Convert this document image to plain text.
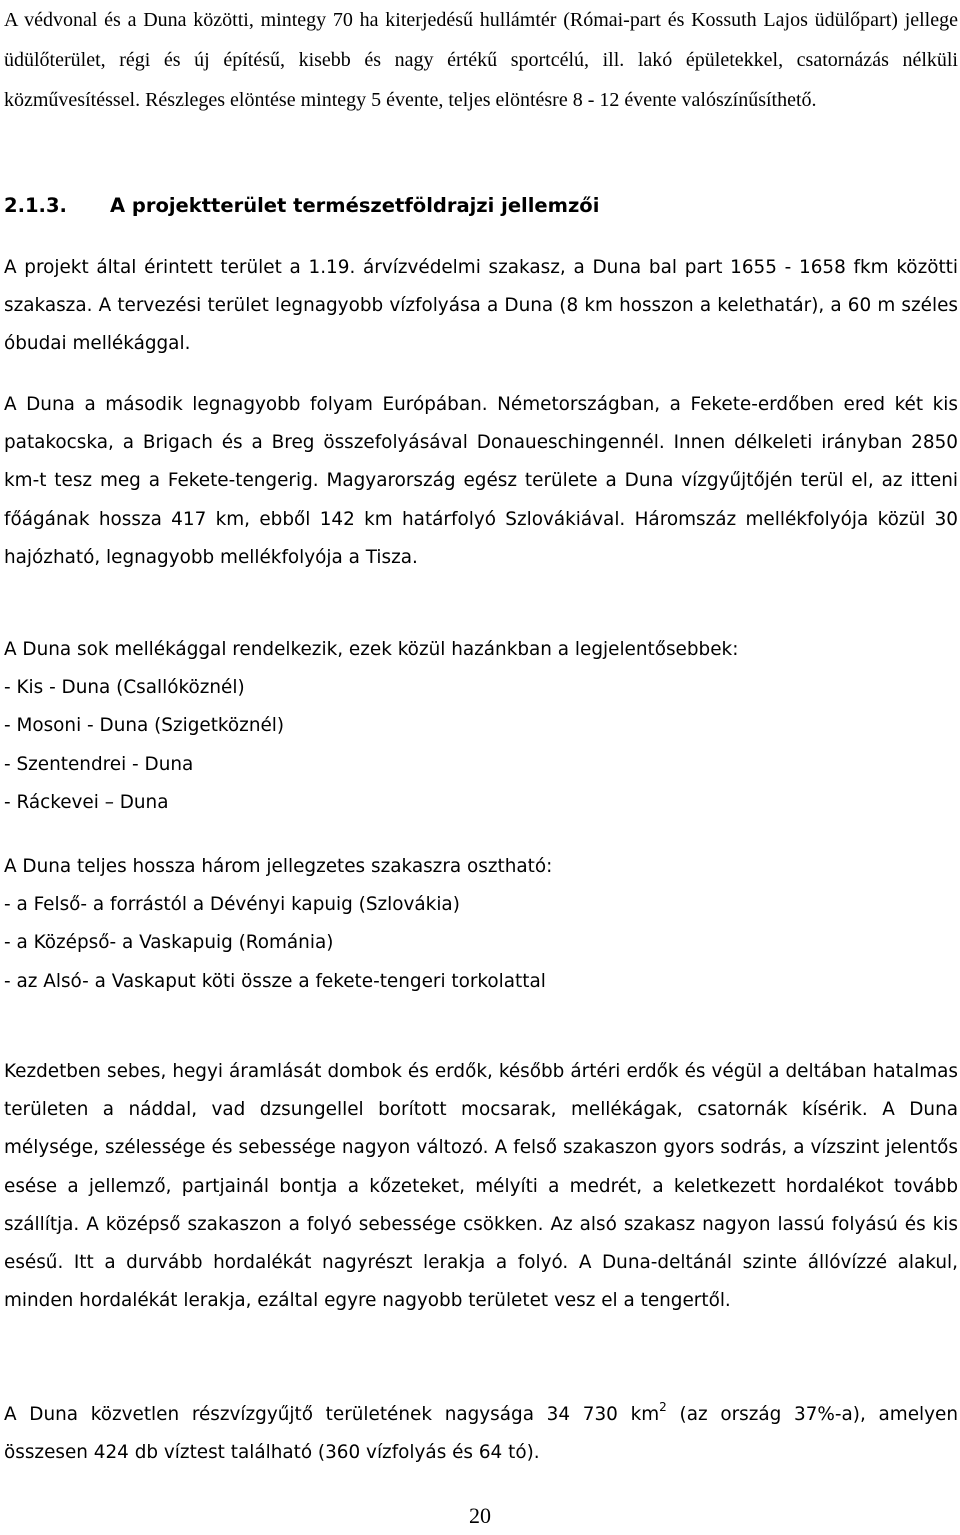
A védvonal és a Duna közötti, mintegy 70 ha kiterjedésű hullámtér (Római-part és Kossuth Lajos üdülőpart) jellege üdülőterület, régi és új építésű, kisebb és nagy értékű sportcélú, ill. lakó épületekkel, csatornázás nélküli közművesítéssel. Részleges elöntése mintegy 5 évente, teljes elöntésre 8 - 12 évente valószínűsíthető.

2.1.3. A projektterület természetföldrajzi jellemzői

A projekt által érintett terület a 1.19. árvízvédelmi szakasz, a Duna bal part 1655 - 1658 fkm közötti szakasza. A tervezési terület legnagyobb vízfolyása a Duna (8 km hosszon a kelethatár), a 60 m széles óbudai mellékággal.

A Duna a második legnagyobb folyam Európában. Németországban, a Fekete-erdőben ered két kis patakocska, a Brigach és a Breg összefolyásával Donaueschingennél. Innen délkeleti irányban 2850 km-t tesz meg a Fekete-tengerig. Magyarország egész területe a Duna vízgyűjtőjén terül el, az itteni főágának hossza 417 km, ebből 142 km határfolyó Szlovákiával. Háromszáz mellékfolyója közül 30 hajózható, legnagyobb mellékfolyója a Tisza.

A Duna sok mellékággal rendelkezik, ezek közül hazánkban a legjelentősebbek:
- Kis - Duna (Csallóköznél)
- Mosoni - Duna (Szigetköznél)
- Szentendrei - Duna
- Ráckevei – Duna
A Duna teljes hossza három jellegzetes szakaszra osztható:
- a Felső- a forrástól a Dévényi kapuig (Szlovákia)
- a Középső- a Vaskapuig (Románia)
- az Alsó- a Vaskaput köti össze a fekete-tengeri torkolattal

Kezdetben sebes, hegyi áramlását dombok és erdők, később ártéri erdők és végül a deltában hatalmas területen a náddal, vad dzsungellel borított mocsarak, mellékágak, csatornák kísérik. A Duna mélysége, szélessége és sebessége nagyon változó. A felső szakaszon gyors sodrás, a vízszint jelentős esése a jellemző, partjainál bontja a kőzeteket, mélyíti a medrét, a keletkezett hordalékot tovább szállítja. A középső szakaszon a folyó sebessége csökken. Az alsó szakasz nagyon lassú folyású és kis esésű. Itt a durvább hordalékát nagyrészt lerakja a folyó. A Duna-deltánál szinte állóvízzé alakul, minden hordalékát lerakja, ezáltal egyre nagyobb területet vesz el a tengertől.

A Duna közvetlen részvízgyűjtő területének nagysága 34 730 $km^2$ (az ország 37%-a), amelyen összesen 424 db víztest található (360 vízfolyás és 64 tó).

20
